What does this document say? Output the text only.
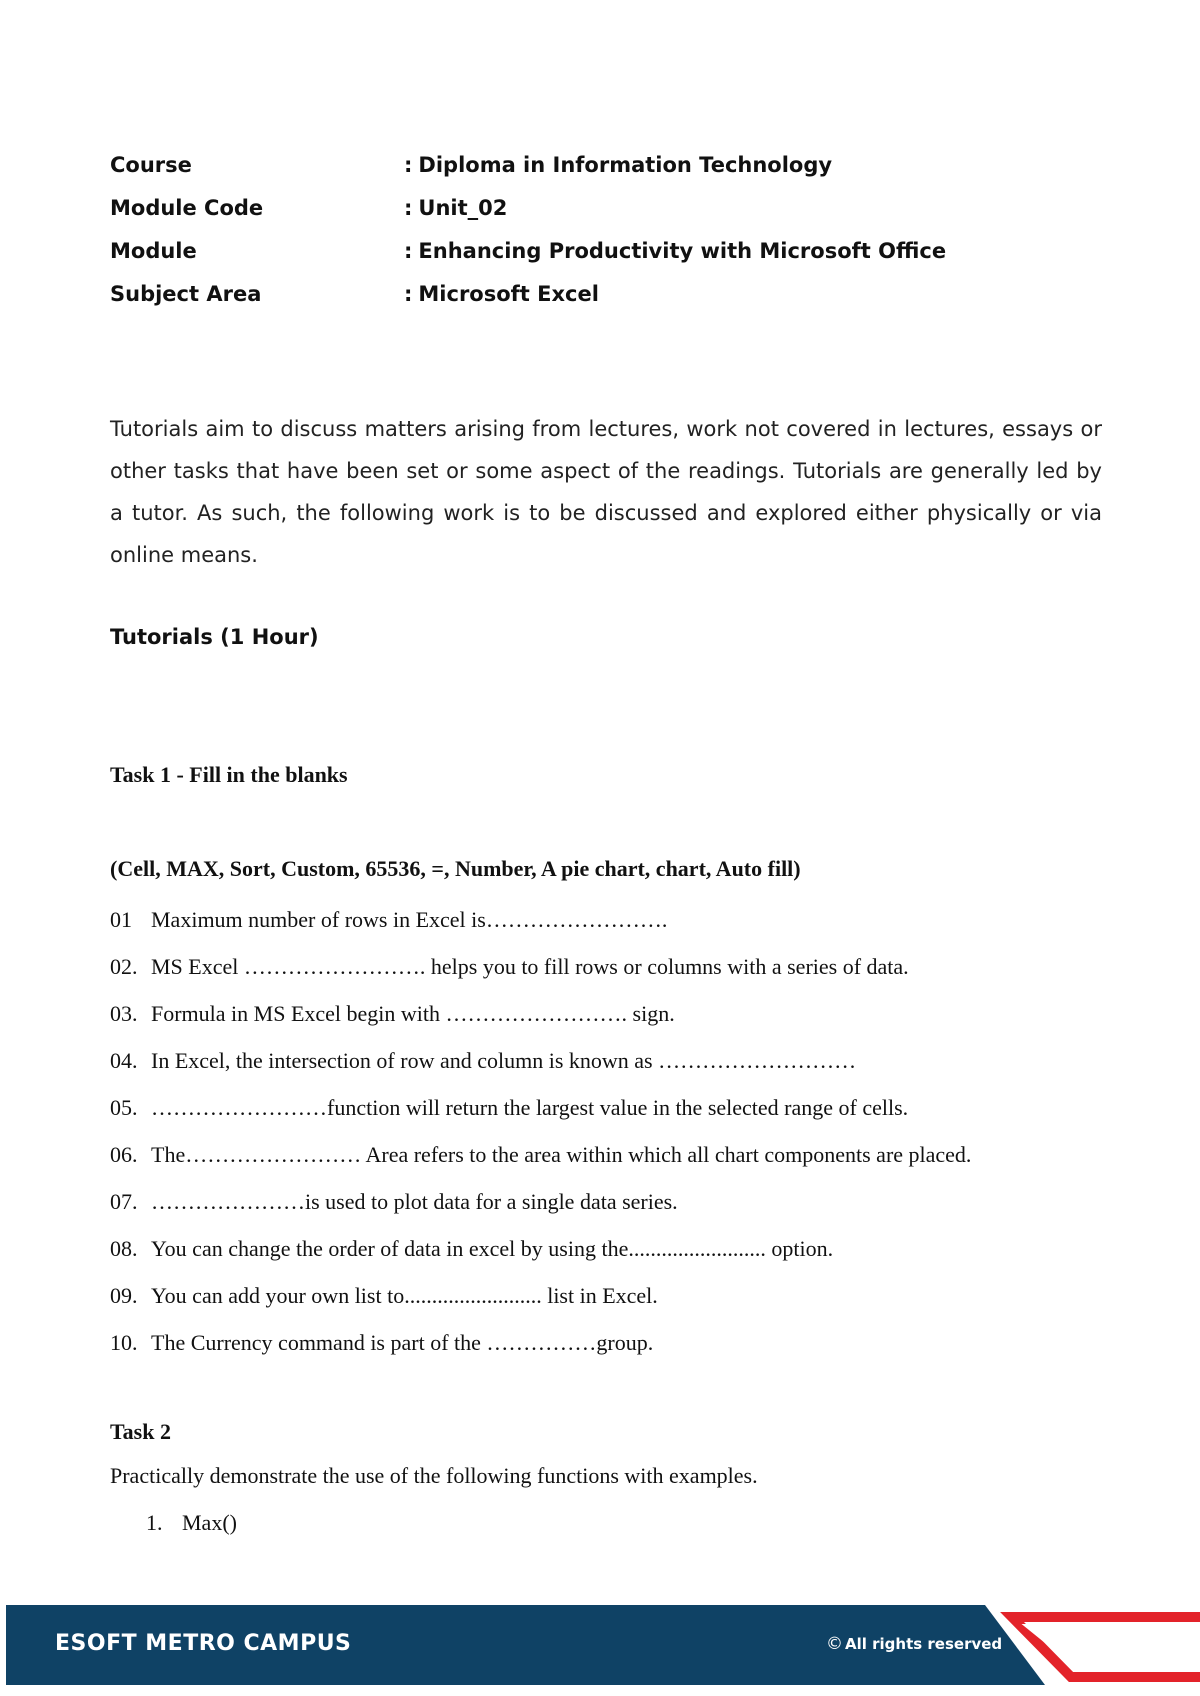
Course	: Diploma in Information Technology
Module Code	: Unit_02
Module	: Enhancing Productivity with Microsoft Office
Subject Area	: Microsoft Excel

Tutorials aim to discuss matters arising from lectures, work not covered in lectures, essays or other tasks that have been set or some aspect of the readings. Tutorials are generally led by a tutor. As such, the following work is to be discussed and explored either physically or via online means.

Tutorials (1 Hour)
Task 1 - Fill in the blanks

(Cell, MAX, Sort, Custom, 65536, =, Number, A pie chart, chart, Auto fill)

01 Maximum number of rows in Excel is…………………….
02. MS Excel ……………………. helps you to fill rows or columns with a series of data.
03. Formula in MS Excel begin with ……………………. sign.
04. In Excel, the intersection of row and column is known as ………………………
05. ……………………function will return the largest value in the selected range of cells.
06. The…………………… Area refers to the area within which all chart components are placed.
07. …………………is used to plot data for a single data series.
08. You can change the order of data in excel by using the......................... option.
09. You can add your own list to......................... list in Excel.
10. The Currency command is part of the ……………group.
Task 2

Practically demonstrate the use of the following functions with examples.

1. Max()
ESOFT METRO CAMPUS	© All rights reserved
